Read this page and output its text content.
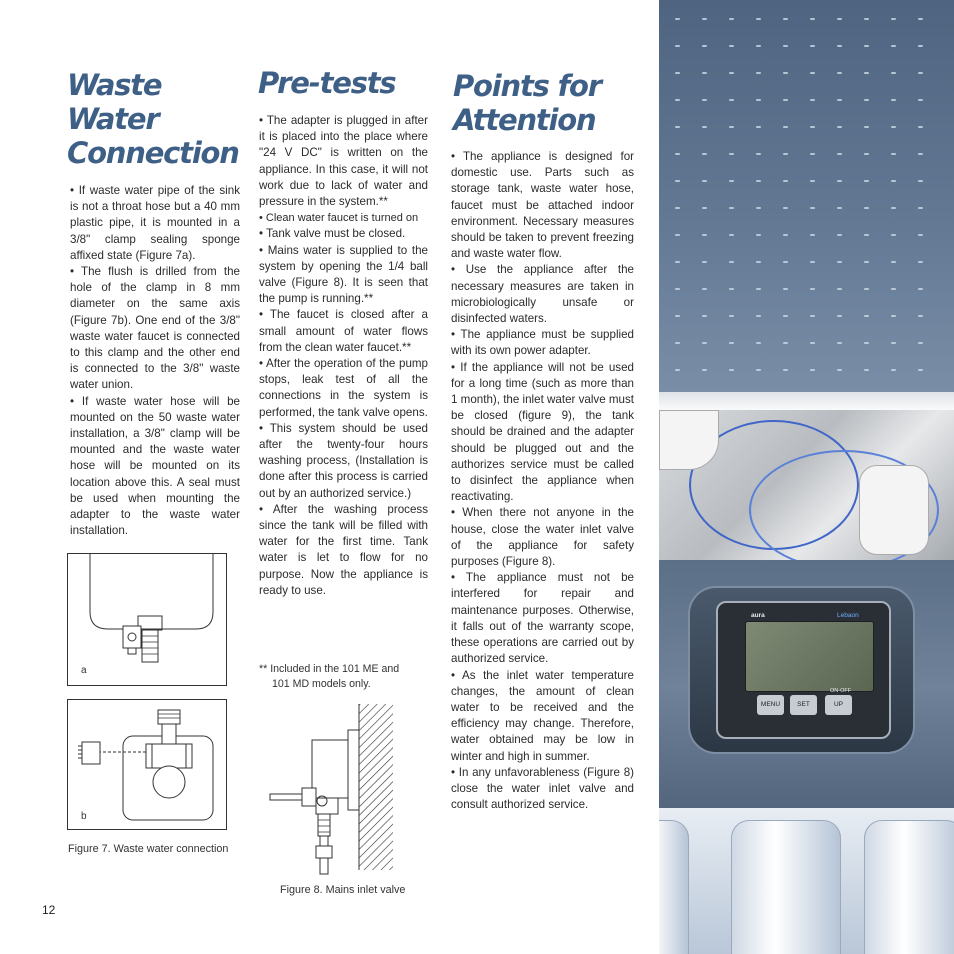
Waste
Water
Connection

• If waste water pipe of the sink is not a throat hose but a 40 mm plastic pipe, it is mounted in a 3/8" clamp sealing sponge affixed state (Figure 7a).

• The flush is drilled from the hole of the clamp in 8 mm diameter on the same axis (Figure 7b). One end of the 3/8" waste water faucet is connected to this clamp and the other end is connected to the 3/8" waste water union.

• If waste water hose will be mounted on the 50 waste water installation, a 3/8" clamp will be mounted and the waste water hose will be mounted on its location above this. A seal must be used when mounting the adapter to the waste water installation.

a
b
Figure 7. Waste water connection
Pre-tests

• The adapter is plugged in after it is placed into the place where "24 V DC" is written on the appliance. In this case, it will not work due to lack of water and pressure in the system.**

• Clean water faucet is turned on

• Tank valve must be closed.

• Mains water is supplied to the system by opening the 1/4 ball valve (Figure 8). It is seen that the pump is running.**

• The faucet is closed after a small amount of water flows from the clean water faucet.**

• After the operation of the pump stops, leak test of all the connections in the system is performed, the tank valve opens.

• This system should be used after the twenty-four hours washing process, (Installation is done after this process is carried out by an authorized service.)

• After the washing process since the tank will be filled with water for the first time. Tank water is let to flow for no purpose. Now the appliance is ready to use.

** Included in the 101 ME and
101 MD models only.
Figure 8. Mains inlet valve
Points for
Attention

• The appliance is designed for domestic use. Parts such as storage tank, waste water hose, faucet must be attached indoor environment. Necessary measures should be taken to prevent freezing and waste water flow.

• Use the appliance after the necessary measures are taken in microbiologically unsafe or disinfected waters.

• The appliance must be supplied with its own power adapter.

• If the appliance will not be used for a long time (such as more than 1 month), the inlet water valve must be closed (figure 9), the tank should be drained and the adapter should be plugged out and the authorizes service must be called to disinfect the appliance when reactivating.

• When there not anyone in the house, close the water inlet valve of the appliance for safety purposes (Figure 8).

• The appliance must not be interfered for repair and maintenance purposes. Otherwise, it falls out of the warranty scope, these operations are carried out by authorized service.

• As the inlet water temperature changes, the amount of clean water to be received and the efficiency may change. Therefore, water obtained may be low in winter and high in summer.

• In any unfavorableness (Figure 8) close the water inlet valve and consult authorized service.

12
aura	Lebaon
ON-OFF
MENU	SET	UP
